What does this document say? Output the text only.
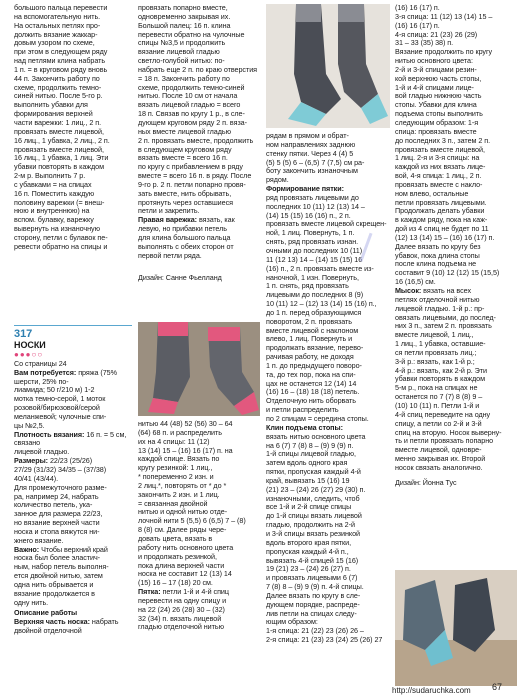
большого пальца перевести

на вспомогательную нить.

На остальных петлях про-

должить вязание жаккар-

довым узором по схеме,

при этом в следующем ряду

над петлями клина набрать

1 п. = в круговом ряду вновь

44 п. Закончить работу по

схеме, продолжить темно-

синей нитью. После 5-го р.

выполнить убавки для

формирования верхней

части варежки: 1 лиц., 2 п.

провязать вместе лицевой,

16 лиц., 1 убавка, 2 лиц., 2 п.

провязать вместе лицевой,

16 лиц., 1 убавка, 1 лиц. Эти

убавки повторять в каждом

2-м р. Выполнить 7 р.

с убавками = на спицах

16 п. Поместить каждую

половину варежки (= внеш-

нюю и внутреннюю) на

вспом. булавку, варежку

вывернуть на изнаночную

сторону, петли с булавок пе-

ревести обратно на спицы и

провязать попарно вместе,

одновременно закрывая их.

Большой палец: 16 п. клина

перевести обратно на чулочные

спицы №3,5 и продолжить

вязание лицевой гладью

светло-голубой нитью: по-

набрать еще 2 п. по краю отверстия

= 18 п. Закончить работу по

схеме, продолжить темно-синей

нитью. После 10 см от начала

вязать лицевой гладью = всего

18 п. Связав по кругу 1 р., в сле-

дующем круговом ряду 2 п. вяза-

ных вместе лицевой гладью

2 п. провязать вместе, продолжить

в следующем круговом ряду

вязать вместе = всего 16 п.

по кругу с прибавлением в ряду

вместе = всего 16 п. в ряду. После

9-го р. 2 п. петли попарно провя-

зать вместе, нить обрывать,

протянуть через оставшиеся

петли и закрепить.

Правая варежка: вязать, как
левую, но прибавки петель
для клина большого пальца
выполнять с обеих сторон от
первой петли ряда.

Дизайн: Санне Фьелланд

рядам в прямом и обрат-

ном направлениях заднюю

стенку пятки. Через 4 (4) 5

(5) 5 (5) 6 – (6,5) 7 (7,5) см ра-

боту закончить изнаночным

рядом.

Формирование пятки:

ряд провязать лицевыми до

последних 10 (11) 12 (13) 14 –

(14) 15 (15) 16 (16) п., 2 п.

провязать вместе лицевой скрещен-

ной, 1 лиц. Повернуть, 1 п.

снять, ряд провязать изнан.

очными до последних 10 (11)

11 (12 13) 14 – (14) 15 (15) 16

(16) п., 2 п. провязать вместе из-

наночной, 1 изн. Повернуть,

1 п. снять, ряд провязать

лицевыми до последних 8 (9)

10 (11) 12 – (12) 13 (14) 15 (16) п.,

до 1 п. перед образующимся

поворотом, 2 п. провязать

вместе лицевой с наклоном

влево, 1 лиц. Повернуть и

продолжать вязание, перево-

рачивая работу, не доходя

1 п. до предыдущего поворо-

та, до тех пор, пока на спи-

цах не останется 12 (14) 14

(16) 16 – (18) 18 (18) петель.

Отделочную нить оборвать

и петли распределить

по 2 спицам = середина стопы.

Клин подъема стопы:

вязать нитью основного цвета

на 6 (7) 7 (8) 8 – (9) 9 (9) п.

1-й спицы лицевой гладью,

затем вдоль одного края

пятки, пропуская каждый 4-й

край, вывязать 15 (16) 19

(21) 23 – (24) 26 (27) 29 (30) п.

изнаночными, следить, чтоб

все 1-й и 2-й спице спицы

до 1-й спицы вязать лицевой

гладью, продолжить на 2-й

и 3-й спицы вязать резинкой

вдоль второго края пятки,

пропуская каждый 4-й п.,

вывязать 4-й спицей 15 (16)

19 (21) 23 – (24) 26 (27) п.

и провязать лицевыми 6 (7)

7 (8) 8 – (9) 9 (9) п. 4-й спицы.

Далее вязать по кругу в сле-

дующем порядке, распреде-

лив петли на спицах следу-

ющим образом:

1-я спица: 21 (22) 23 (26) 26 –

2-я спица: 21 (23) 23 (24) 25 (26) 27

(16) 16 (17) п.

3-я спица: 11 (12) 13 (14) 15 –

(16) 16 (17) п.

4-я спица: 21 (23) 26 (29)

31 – 33 (35) 38) п.

Вязание продолжить по кругу

нитью основного цвета:

2-й и 3-й спицами резин-

кой верхнюю часть стопы,

1-й и 4-й спицами лице-

вой гладью нижнюю часть

стопы. Убавки для клина

подъема стопы выполнить

следующим образом: 1-я

спица: провязать вместе

до последних 3 п., затем 2 п.

провязать вместе лицевой,

1 лиц. 2-я и 3-я спицы: на

каждой из них вязать лице-

вой, 4-я спица: 1 лиц., 2 п.

провязать вместе с накло-

ном влево, остальные

петли провязать лицевыми.

Продолжать делать убавки

в каждом ряду, пока на каж-

дой из 4 спиц не будет по 11

(12) 13 (14) 15 – (16) 16 (17) п.

Далее вязать по кругу без

убавок, пока длина стопы

после клина подъема не

составит 9 (10) 12 (12) 15 (15,5)

16 (16,5) см.

Мысок: вязать на всех
петлях отделочной нитью
лицевой гладью. 1-й р.: пр-
овязать лицевыми, до послед-
них 3 п., затем 2 п. провязать
вместе лицевой, 1 лиц.,
1 лиц., 1 убавка, оставшие-
ся петли провязать лиц.;
3-й р.: вязать, как 1-й р.;
4-й р.: вязать, как 2-й р. Эти
убавки повторять в каждом
5-м р., пока на спицах не
останется по 7 (7) 8 (8) 9 –
(10) 10 (11) п. Петли 1-й и
4-й спиц переведите на одну
спицу, а петли со 2-й и 3-й
спиц на вторую. Носок выверну-
ть и петли провязать попарно
вместе лицевой, одновре-
менно закрывая их. Второй
носок связать аналогично.

Дизайн: Йонна Тус

317

НОСКИ

●●●○○

Со страницы 24

Вам потребуется: пряжа (75% шерсти, 25% по-
лиамида; 50 г/210 м) 1-2
мотка темно-серой, 1 моток
розовой/бирюзовой/серой
меланжевой; чулочные спи-
цы №2,5.

Плотность вязания: 16 п. = 5 см, связано
лицевой гладью.

Размеры: 22/23 (25/26)
27/29 (31/32) 34/35 – (37/38)
40/41 (43/44).

Для промежуточного разме-

ра, например 24, набрать

количество петель, ука-

занное для размера 22/23,

но вязание верхней части

носка и стопа вяжутся ни-

жнего вязание.

Важно: Чтобы верхний край
носка был более эластич-
ным, набор петель выполня-
ется двойной нитью, затем
одна нить обрывается и
вязание продолжается в
одну нить.

Описание работы

Верхняя часть носка: набрать двойной отделочной

нитью 44 (48) 52 (56) 30 – 64

(64) 68 п. и распределить

их на 4 спицы: 11 (12)

13 (14) 15 – (16) 16 (17) п. на

каждой спице. Вязать по

кругу резинкой: 1 лиц.,

* попеременно 2 изн. и

2 лиц.*, повторять от * до *

закончить 2 изн. и 1 лиц.

= связанная двойной

нитью и одной нитью отде-

лочной нити 5 (5,5) 6 (6,5) 7 – (8)

8 (8) см. Далее ряды чере-

довать цвета, вязать в

работу нить основного цвета

и продолжать резинкой,

пока длина верхней части

носка не составит 12 (13) 14

(15) 16 – 17 (18) 20 см.

Пятка: петли 1-й и 4-й спиц
перевести на одну спицу и
на 22 (24) 26 (28) 30 – (32)
32 (34) п. вязать лицевой
гладью отделочной нитью

—
http://sudaruchka.com 67
